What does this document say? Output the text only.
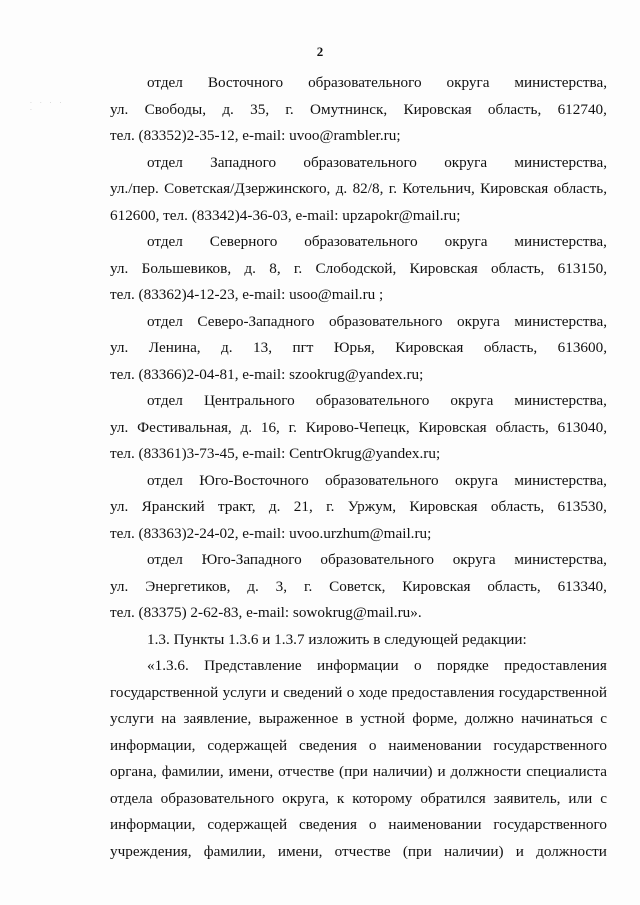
2
· · · · ·
отдел Восточного образовательного округа министерства,
ул. Свободы, д. 35, г. Омутнинск, Кировская область, 612740,
тел. (83352)2-35-12, e-mail: uvoo@rambler.ru;
отдел Западного образовательного округа министерства,
ул./пер. Советская/Дзержинского, д. 82/8, г. Котельнич, Кировская область,
612600, тел. (83342)4-36-03, e-mail: upzapokr@mail.ru;
отдел Северного образовательного округа министерства,
ул. Большевиков, д. 8, г. Слободской, Кировская область, 613150,
тел. (83362)4-12-23, e-mail: usoo@mail.ru ;
отдел Северо-Западного образовательного округа министерства,
ул. Ленина, д. 13, пгт Юрья, Кировская область, 613600,
тел. (83366)2-04-81, e-mail: szookrug@yandex.ru;
отдел Центрального образовательного округа министерства,
ул. Фестивальная, д. 16, г. Кирово-Чепецк, Кировская область, 613040,
тел. (83361)3-73-45, e-mail: CentrOkrug@yandex.ru;
отдел Юго-Восточного образовательного округа министерства,
ул. Яранский тракт, д. 21, г. Уржум, Кировская область, 613530,
тел. (83363)2-24-02, e-mail: uvoo.urzhum@mail.ru;
отдел Юго-Западного образовательного округа министерства,
ул. Энергетиков, д. 3, г. Советск, Кировская область, 613340,
тел. (83375) 2-62-83, e-mail: sowokrug@mail.ru».
1.3. Пункты 1.3.6 и 1.3.7 изложить в следующей редакции:
«1.3.6. Представление информации о порядке предоставления
государственной услуги и сведений о ходе предоставления государственной
услуги на заявление, выраженное в устной форме, должно начинаться с
информации, содержащей сведения о наименовании государственного
органа, фамилии, имени, отчестве (при наличии) и должности специалиста
отдела образовательного округа, к которому обратился заявитель, или с
информации, содержащей сведения о наименовании государственного
учреждения, фамилии, имени, отчестве (при наличии) и должности
